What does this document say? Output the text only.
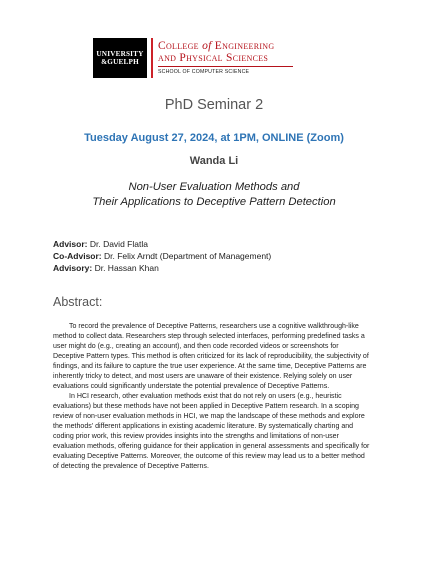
UNIVERSITY
&GUELPH
College of Engineering
and Physical Sciences
SCHOOL OF COMPUTER SCIENCE
PhD Seminar 2
Tuesday August 27, 2024, at 1PM, ONLINE (Zoom)
Wanda Li
Non-User Evaluation Methods and
Their Applications to Deceptive Pattern Detection
Advisor: Dr. David Flatla
Co-Advisor: Dr. Felix Arndt (Department of Management)
Advisory: Dr. Hassan Khan
Abstract:

To record the prevalence of Deceptive Patterns, researchers use a cognitive walkthrough-like method to collect data. Researchers step through selected interfaces, performing predefined tasks a user might do (e.g., creating an account), and then code recorded videos or screenshots for Deceptive Pattern types. This method is often criticized for its lack of reproducibility, the subjectivity of findings, and its failure to capture the true user experience. At the same time, Deceptive Patterns are inherently tricky to detect, and most users are unaware of their existence. Relying solely on user evaluations could significantly understate the potential prevalence of Deceptive Patterns.

In HCI research, other evaluation methods exist that do not rely on users (e.g., heuristic evaluations) but these methods have not been applied in Deceptive Pattern research. In a scoping review of non-user evaluation methods in HCI, we map the landscape of these methods and explore the methods' different applications in existing academic literature. By systematically charting and coding prior work, this review provides insights into the strengths and limitations of non-user evaluation methods, offering guidance for their application in general assessments and specifically for evaluating Deceptive Patterns. Moreover, the outcome of this review may lead us to a better method of detecting the prevalence of Deceptive Patterns.
